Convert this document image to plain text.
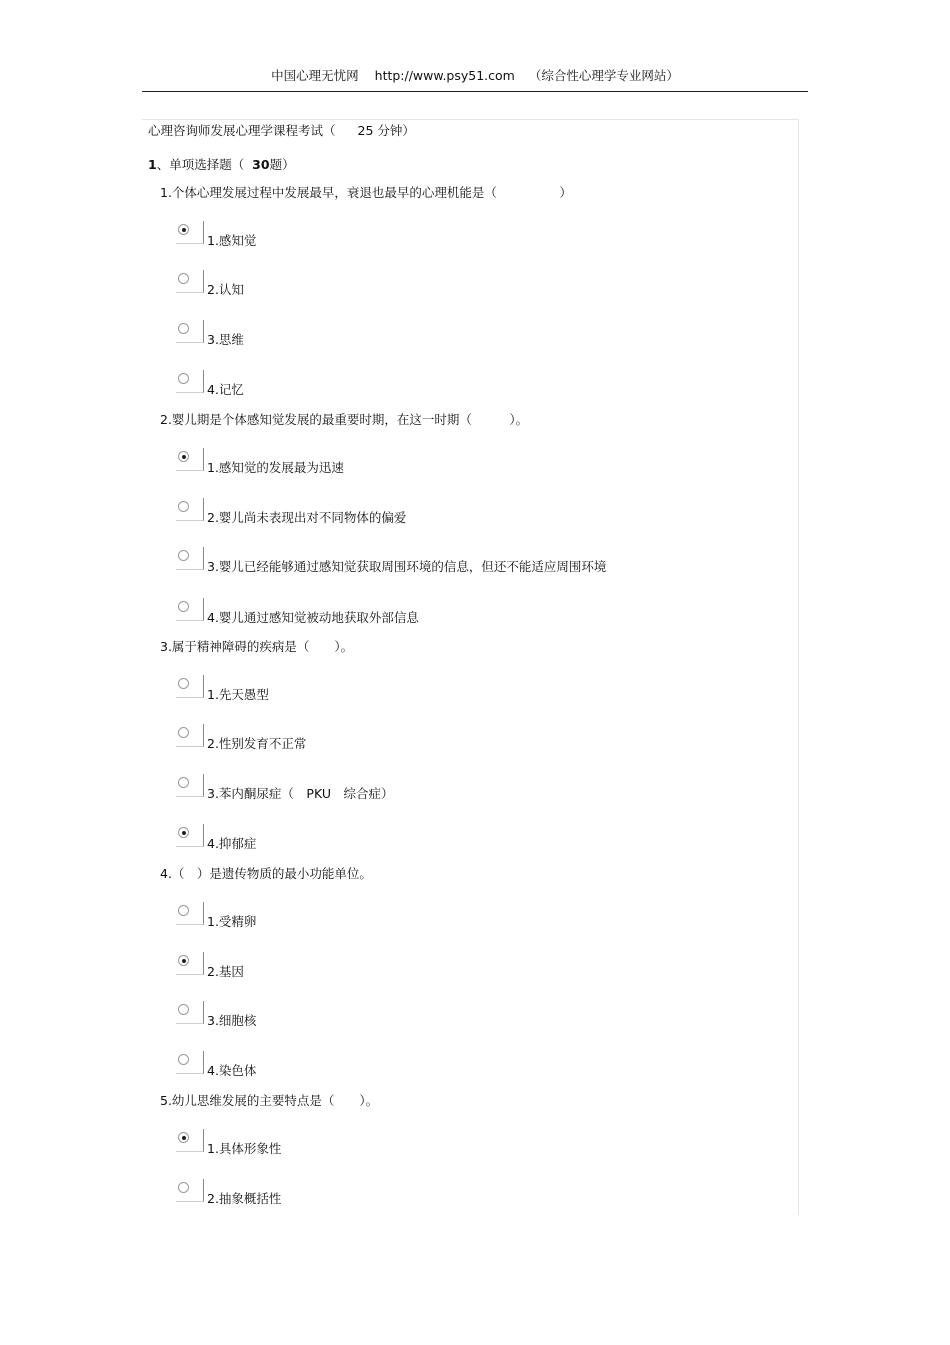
中国心理无忧网 http://www.psy51.com （综合性心理学专业网站）
心理咨询师发展心理学课程考试（ 25 分钟）
1、单项选择题（ 30题）
1.个体心理发展过程中发展最早，衰退也最早的心理机能是（　　　　　）
1.感知觉
2.认知
3.思维
4.记忆
2.婴儿期是个体感知觉发展的最重要时期，在这一时期（　　　）。
1.感知觉的发展最为迅速
2.婴儿尚未表现出对不同物体的偏爱
3.婴儿已经能够通过感知觉获取周围环境的信息，但还不能适应周围环境
4.婴儿通过感知觉被动地获取外部信息
3.属于精神障碍的疾病是（　　）。
1.先天愚型
2.性别发育不正常
3.苯内酮尿症（　PKU　综合症）
4.抑郁症
4.（　）是遗传物质的最小功能单位。
1.受精卵
2.基因
3.细胞核
4.染色体
5.幼儿思维发展的主要特点是（　　）。
1.具体形象性
2.抽象概括性
